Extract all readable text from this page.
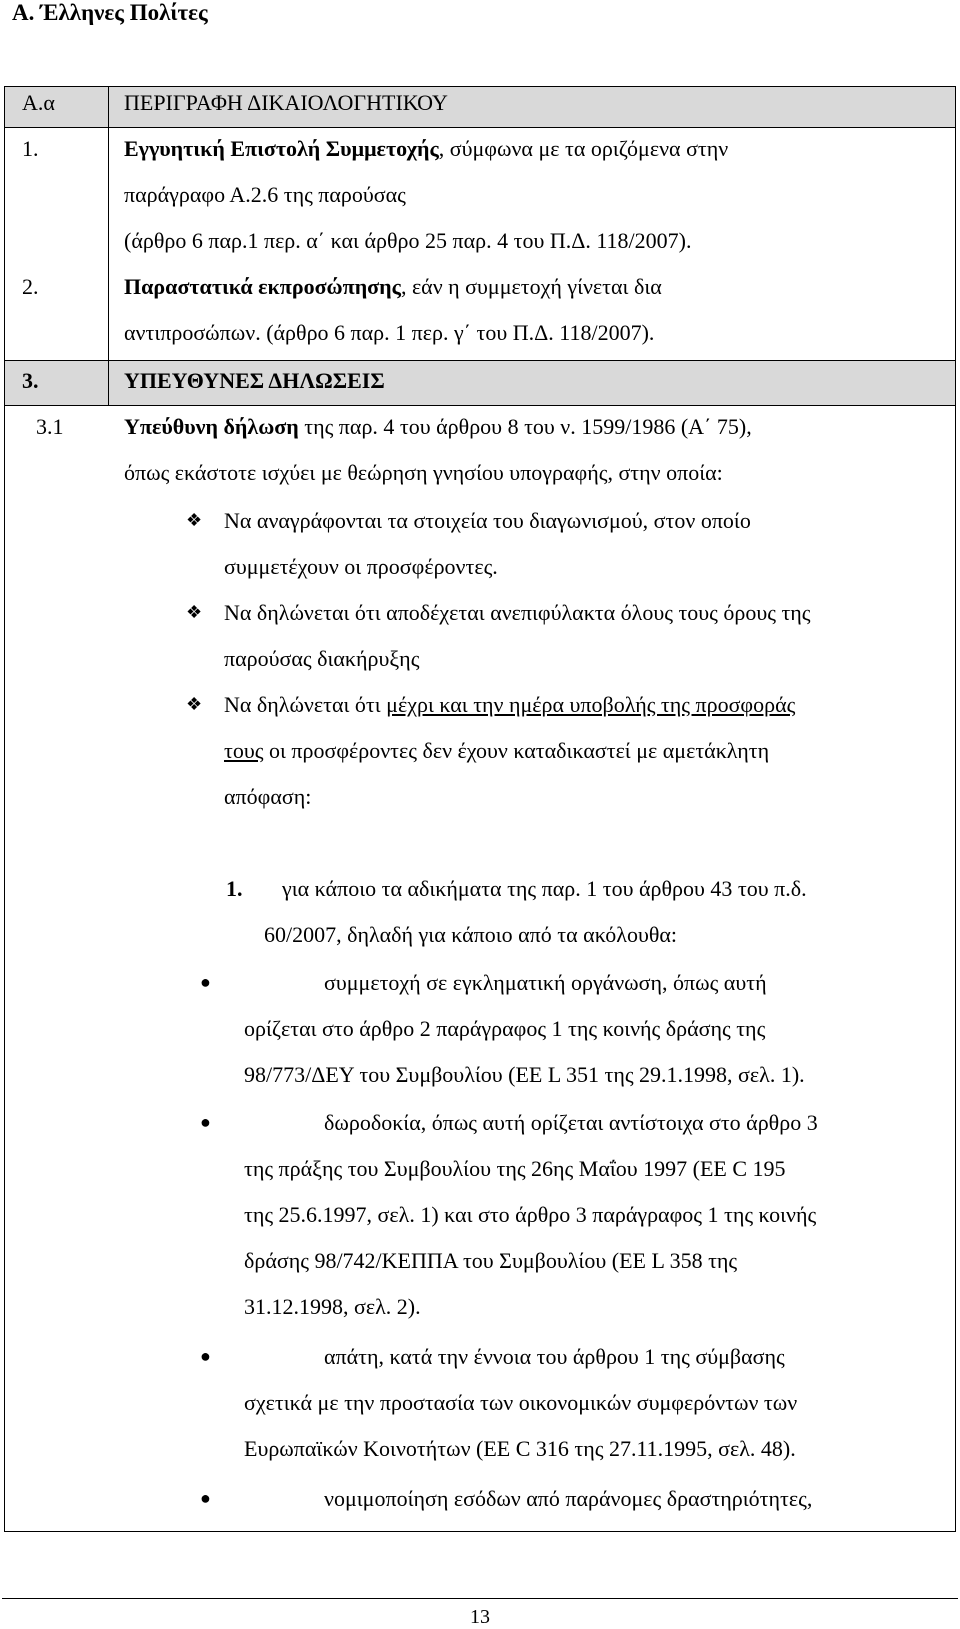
Α. Έλληνες Πολίτες
Α.α	ΠΕΡΙΓΡΑΦΗ ΔΙΚΑΙΟΛΟΓΗΤΙΚΟΥ
1.	Εγγυητική Επιστολή Συμμετοχής, σύμφωνα με τα οριζόμενα στην
παράγραφο Α.2.6 της παρούσας
(άρθρο 6 παρ.1 περ. α΄ και άρθρο 25 παρ. 4 του Π.Δ. 118/2007).
2.	Παραστατικά εκπροσώπησης, εάν η συμμετοχή γίνεται δια
αντιπροσώπων. (άρθρο 6 παρ. 1 περ. γ΄ του Π.Δ. 118/2007).
3.	ΥΠΕΥΘΥΝΕΣ ΔΗΛΩΣΕΙΣ
3.1	Υπεύθυνη δήλωση της παρ. 4 του άρθρου 8 του ν. 1599/1986 (Α΄ 75),
όπως εκάστοτε ισχύει με θεώρηση γνησίου υπογραφής, στην οποία:
❖ Να αναγράφονται τα στοιχεία του διαγωνισμού, στον οποίο
συμμετέχουν οι προσφέροντες.
❖ Να δηλώνεται ότι αποδέχεται ανεπιφύλακτα όλους τους όρους της
παρούσας διακήρυξης
❖ Να δηλώνεται ότι μέχρι και την ημέρα υποβολής της προσφοράς
τους οι προσφέροντες δεν έχουν καταδικαστεί με αμετάκλητη
απόφαση:
1. για κάποιο τα αδικήματα της παρ. 1 του άρθρου 43 του π.δ.
60/2007, δηλαδή για κάποιο από τα ακόλουθα:
●	συμμετοχή σε εγκληματική οργάνωση, όπως αυτή
ορίζεται στο άρθρο 2 παράγραφος 1 της κοινής δράσης της
98/773/ΔΕΥ του Συμβουλίου (ΕΕ L 351 της 29.1.1998, σελ. 1).
●	δωροδοκία, όπως αυτή ορίζεται αντίστοιχα στο άρθρο 3
της πράξης του Συμβουλίου της 26ης Μαΐου 1997 (ΕΕ C 195
της 25.6.1997, σελ. 1) και στο άρθρο 3 παράγραφος 1 της κοινής
δράσης 98/742/ΚΕΠΠΑ του Συμβουλίου (ΕΕ L 358 της
31.12.1998, σελ. 2).
●	απάτη, κατά την έννοια του άρθρου 1 της σύμβασης
σχετικά με την προστασία των οικονομικών συμφερόντων των
Ευρωπαϊκών Κοινοτήτων (ΕΕ C 316 της 27.11.1995, σελ. 48).
●	νομιμοποίηση εσόδων από παράνομες δραστηριότητες,
13
